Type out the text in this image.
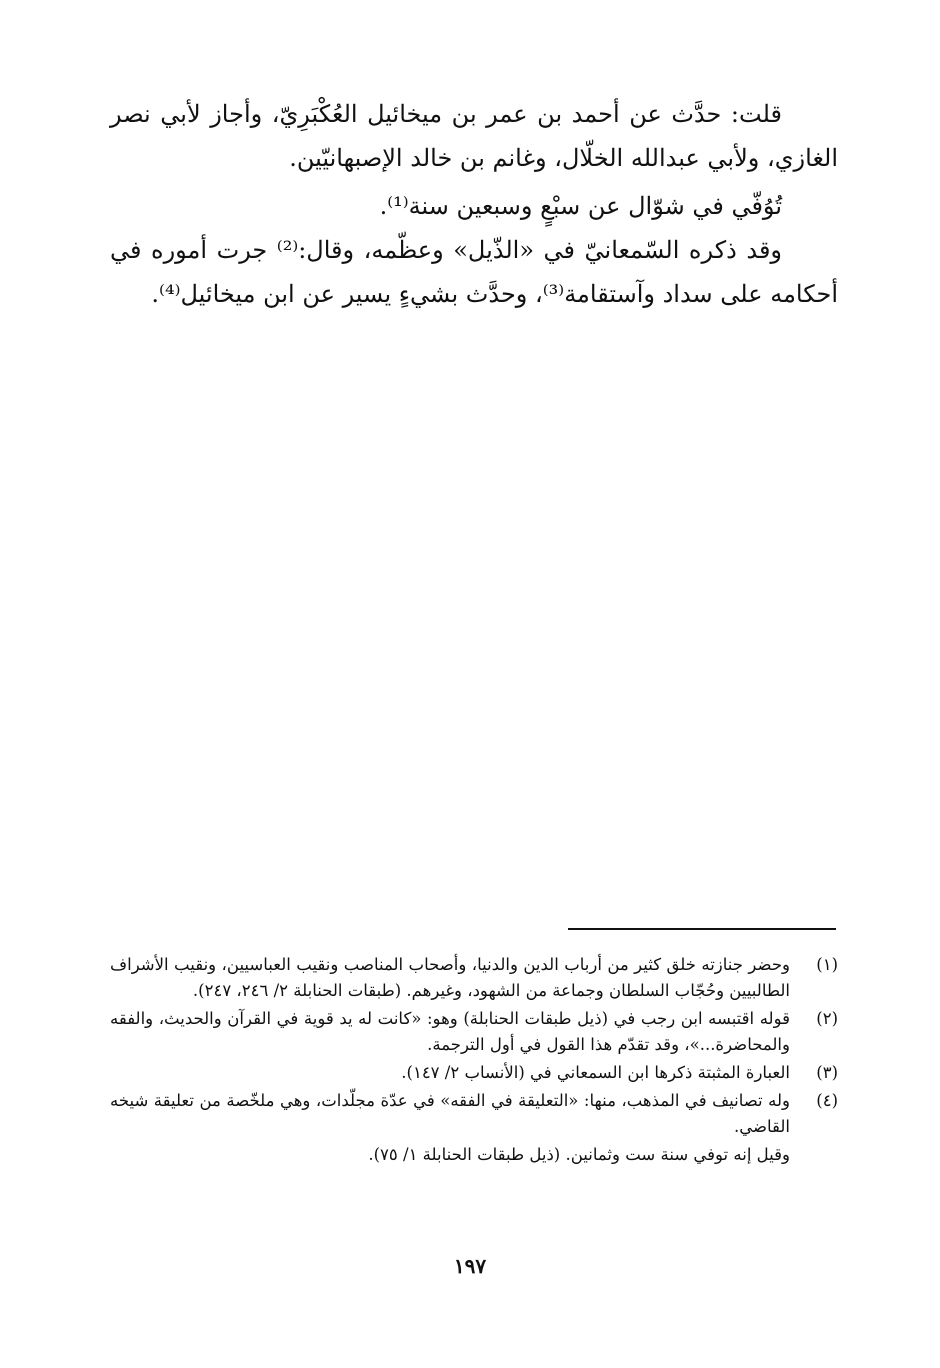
قلت: حدَّث عن أحمد بن عمر بن ميخائيل العُكْبَرِيّ، وأجاز لأبي نصر الغازي، ولأبي عبدالله الخلّال، وغانم بن خالد الإصبهانيّين.

تُوُفّي في شوّال عن سبْعٍ وسبعين سنة⁽¹⁾.

وقد ذكره السّمعانيّ في «الذّيل» وعظّمه، وقال:⁽²⁾ جرت أموره في أحكامه على سداد وآستقامة⁽³⁾، وحدَّث بشيءٍ يسير عن ابن ميخائيل⁽⁴⁾.

(١)
وحضر جنازته خلق كثير من أرباب الدين والدنيا، وأصحاب المناصب ونقيب العباسيين، ونقيب الأشراف الطالبيين وحُجّاب السلطان وجماعة من الشهود، وغيرهم. (طبقات الحنابلة ٢/ ٢٤٦، ٢٤٧).
(٢)
قوله اقتبسه ابن رجب في (ذيل طبقات الحنابلة) وهو: «كانت له يد قوية في القرآن والحديث، والفقه والمحاضرة...»، وقد تقدّم هذا القول في أول الترجمة.
(٣)
العبارة المثبتة ذكرها ابن السمعاني في (الأنساب ٢/ ١٤٧).
(٤)
وله تصانيف في المذهب، منها: «التعليقة في الفقه» في عدّة مجلّدات، وهي ملخّصة من تعليقة شيخه القاضي.
وقيل إنه توفي سنة ست وثمانين. (ذيل طبقات الحنابلة ١/ ٧٥).
١٩٧
